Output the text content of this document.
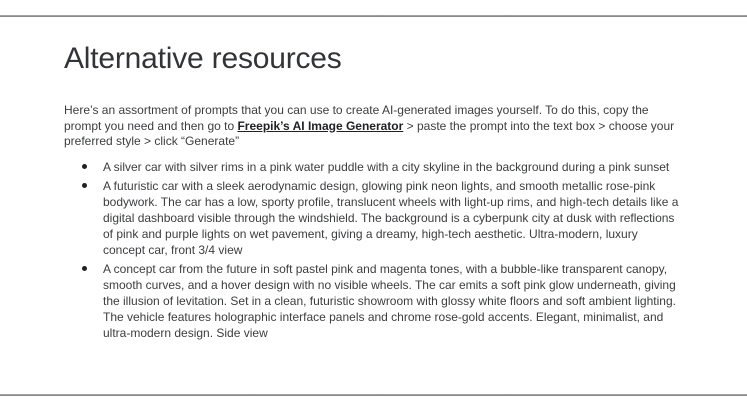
Alternative resources

Here’s an assortment of prompts that you can use to create AI-generated images yourself. To do this, copy the prompt you need and then go to Freepik’s AI Image Generator > paste the prompt into the text box > choose your preferred style > click “Generate”

A silver car with silver rims in a pink water puddle with a city skyline in the background during a pink sunset
A futuristic car with a sleek aerodynamic design, glowing pink neon lights, and smooth metallic rose-pink bodywork. The car has a low, sporty profile, translucent wheels with light-up rims, and high-tech details like a digital dashboard visible through the windshield. The background is a cyberpunk city at dusk with reflections of pink and purple lights on wet pavement, giving a dreamy, high-tech aesthetic. Ultra-modern, luxury concept car, front 3/4 view
A concept car from the future in soft pastel pink and magenta tones, with a bubble-like transparent canopy, smooth curves, and a hover design with no visible wheels. The car emits a soft pink glow underneath, giving the illusion of levitation. Set in a clean, futuristic showroom with glossy white floors and soft ambient lighting. The vehicle features holographic interface panels and chrome rose-gold accents. Elegant, minimalist, and ultra-modern design. Side view
